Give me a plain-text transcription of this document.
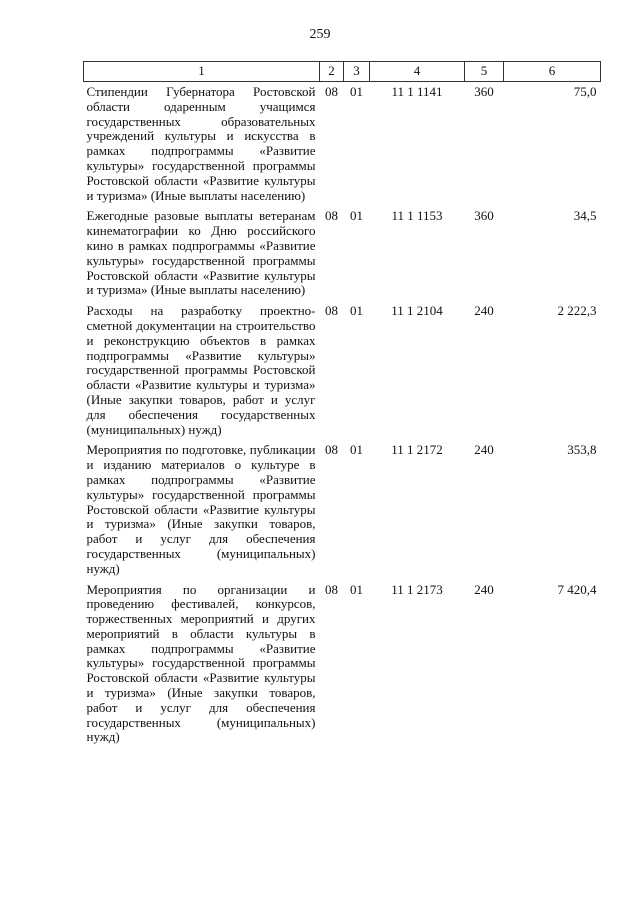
259
1	2	3	4	5	6
Стипендии Губернатора Ростовской области одаренным учащимся государственных образовательных учреждений культуры и искусства в рамках подпрограммы «Развитие культуры» государственной программы Ростовской области «Развитие культуры и туризма» (Иные выплаты населению)	08	01	11 1 1141	360	75,0
Ежегодные разовые выплаты ветеранам кинематографии ко Дню российского кино в рамках подпрограммы «Развитие культуры» государственной программы Ростовской области «Развитие культуры и туризма» (Иные выплаты населению)	08	01	11 1 1153	360	34,5
Расходы на разработку проектно-сметной документации на строительство и реконструкцию объектов в рамках подпрограммы «Развитие культуры» государственной программы Ростовской области «Развитие культуры и туризма» (Иные закупки товаров, работ и услуг для обеспечения государственных (муниципальных) нужд)	08	01	11 1 2104	240	2 222,3
Мероприятия по подготовке, публикации и изданию материалов о культуре в рамках подпрограммы «Развитие культуры» государственной программы Ростовской области «Развитие культуры и туризма» (Иные закупки товаров, работ и услуг для обеспечения государственных (муниципальных) нужд)	08	01	11 1 2172	240	353,8
Мероприятия по организации и проведению фестивалей, конкурсов, торжественных мероприятий и других мероприятий в области культуры в рамках подпрограммы «Развитие культуры» государственной программы Ростовской области «Развитие культуры и туризма» (Иные закупки товаров, работ и услуг для обеспечения государственных (муниципальных) нужд)	08	01	11 1 2173	240	7 420,4
